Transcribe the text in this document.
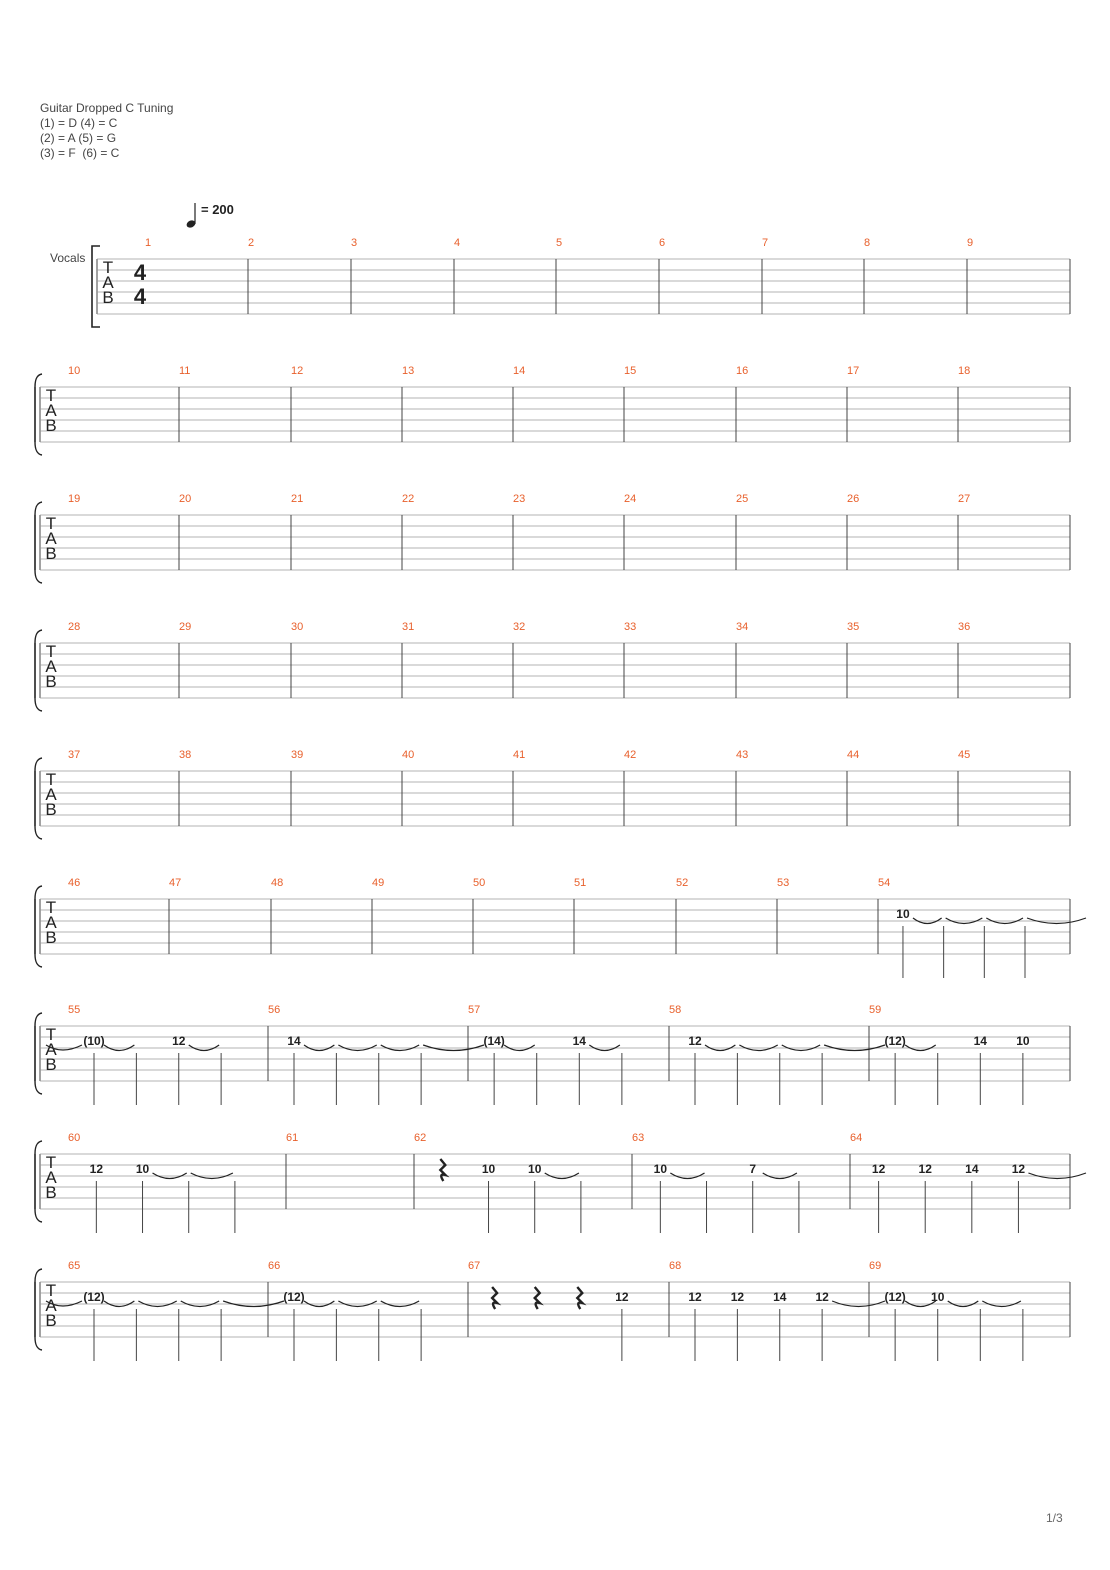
Guitar Dropped C Tuning
(1) = D (4) = C
(2) = A (5) = G
(3) = F  (6) = C
= 200
Vocals T
A
B
4
4
1	2	3	4	5	6	7	8	9
T
A
B
10	11	12	13	14	15	16	17	18
T
A
B
19	20	21	22	23	24	25	26	27
T
A
B
28	29	30	31	32	33	34	35	36
T
A
B
37	38	39	40	41	42	43	44	45
T
A
B
46	47	48	49	50	51	52	53	54
10
T
A
B
55
(10)	12
56
14
57
(14)	14
58
12
59
(12)	14 10
T
A
B
60
12	10
61	62
10	10
63
10	7
64
12	12	14	12
T
A
B
65
(12)
66
(12)
67
12
68
12 12 14 12
69
(12) 10
1/3
